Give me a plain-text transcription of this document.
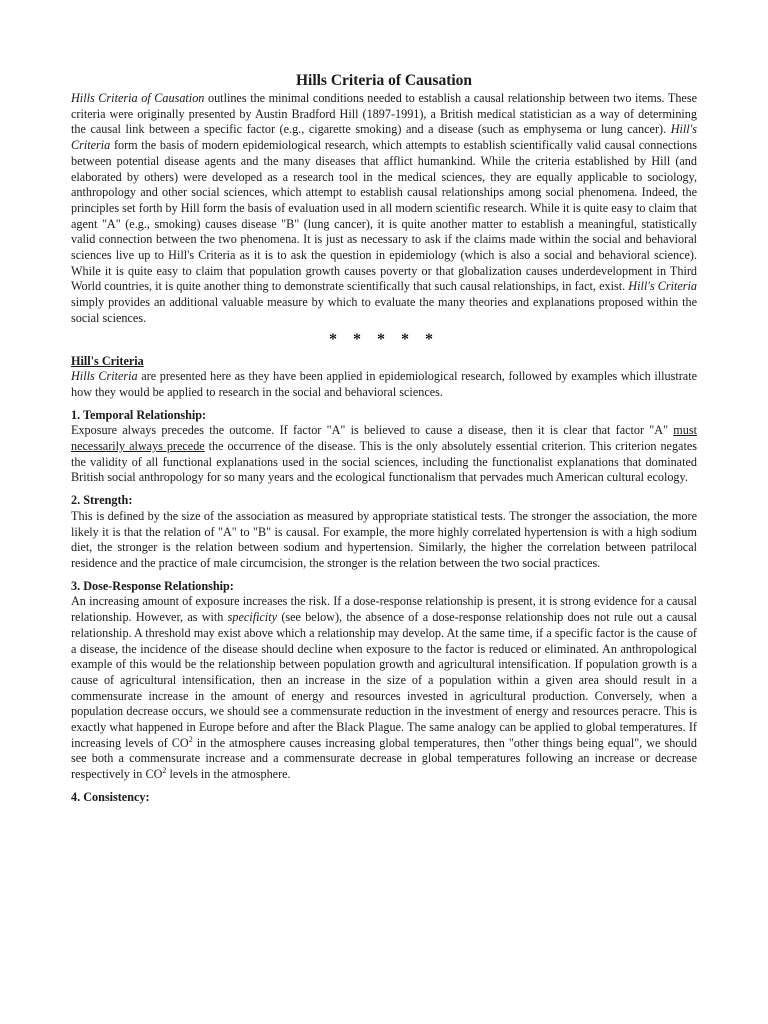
Hills Criteria of Causation

Hills Criteria of Causation outlines the minimal conditions needed to establish a causal relationship between two items. These criteria were originally presented by Austin Bradford Hill (1897-1991), a British medical statistician as a way of determining the causal link between a specific factor (e.g., cigarette smoking) and a disease (such as emphysema or lung cancer). Hill's Criteria form the basis of modern epidemiological research, which attempts to establish scientifically valid causal connections between potential disease agents and the many diseases that afflict humankind. While the criteria established by Hill (and elaborated by others) were developed as a research tool in the medical sciences, they are equally applicable to sociology, anthropology and other social sciences, which attempt to establish causal relationships among social phenomena. Indeed, the principles set forth by Hill form the basis of evaluation used in all modern scientific research. While it is quite easy to claim that agent "A" (e.g., smoking) causes disease "B" (lung cancer), it is quite another matter to establish a meaningful, statistically valid connection between the two phenomena. It is just as necessary to ask if the claims made within the social and behavioral sciences live up to Hill's Criteria as it is to ask the question in epidemiology (which is also a social and behavioral science). While it is quite easy to claim that population growth causes poverty or that globalization causes underdevelopment in Third World countries, it is quite another thing to demonstrate scientifically that such causal relationships, in fact, exist. Hill's Criteria simply provides an additional valuable measure by which to evaluate the many theories and explanations proposed within the social sciences.

* * * * *
Hill's Criteria

Hills Criteria are presented here as they have been applied in epidemiological research, followed by examples which illustrate how they would be applied to research in the social and behavioral sciences.

1. Temporal Relationship:

Exposure always precedes the outcome. If factor "A" is believed to cause a disease, then it is clear that factor "A" must necessarily always precede the occurrence of the disease. This is the only absolutely essential criterion. This criterion negates the validity of all functional explanations used in the social sciences, including the functionalist explanations that dominated British social anthropology for so many years and the ecological functionalism that pervades much American cultural ecology.

2. Strength:

This is defined by the size of the association as measured by appropriate statistical tests. The stronger the association, the more likely it is that the relation of "A" to "B" is causal. For example, the more highly correlated hypertension is with a high sodium diet, the stronger is the relation between sodium and hypertension. Similarly, the higher the correlation between patrilocal residence and the practice of male circumcision, the stronger is the relation between the two social practices.

3. Dose-Response Relationship:

An increasing amount of exposure increases the risk. If a dose-response relationship is present, it is strong evidence for a causal relationship. However, as with specificity (see below), the absence of a dose-response relationship does not rule out a causal relationship. A threshold may exist above which a relationship may develop. At the same time, if a specific factor is the cause of a disease, the incidence of the disease should decline when exposure to the factor is reduced or eliminated. An anthropological example of this would be the relationship between population growth and agricultural intensification. If population growth is a cause of agricultural intensification, then an increase in the size of a population within a given area should result in a commensurate increase in the amount of energy and resources invested in agricultural production. Conversely, when a population decrease occurs, we should see a commensurate reduction in the investment of energy and resources peracre. This is exactly what happened in Europe before and after the Black Plague. The same analogy can be applied to global temperatures. If increasing levels of $CO^2$ in the atmosphere causes increasing global temperatures, then "other things being equal", we should see both a commensurate increase and a commensurate decrease in global temperatures following an increase or decrease respectively in $CO^2$ levels in the atmosphere.

4. Consistency:
